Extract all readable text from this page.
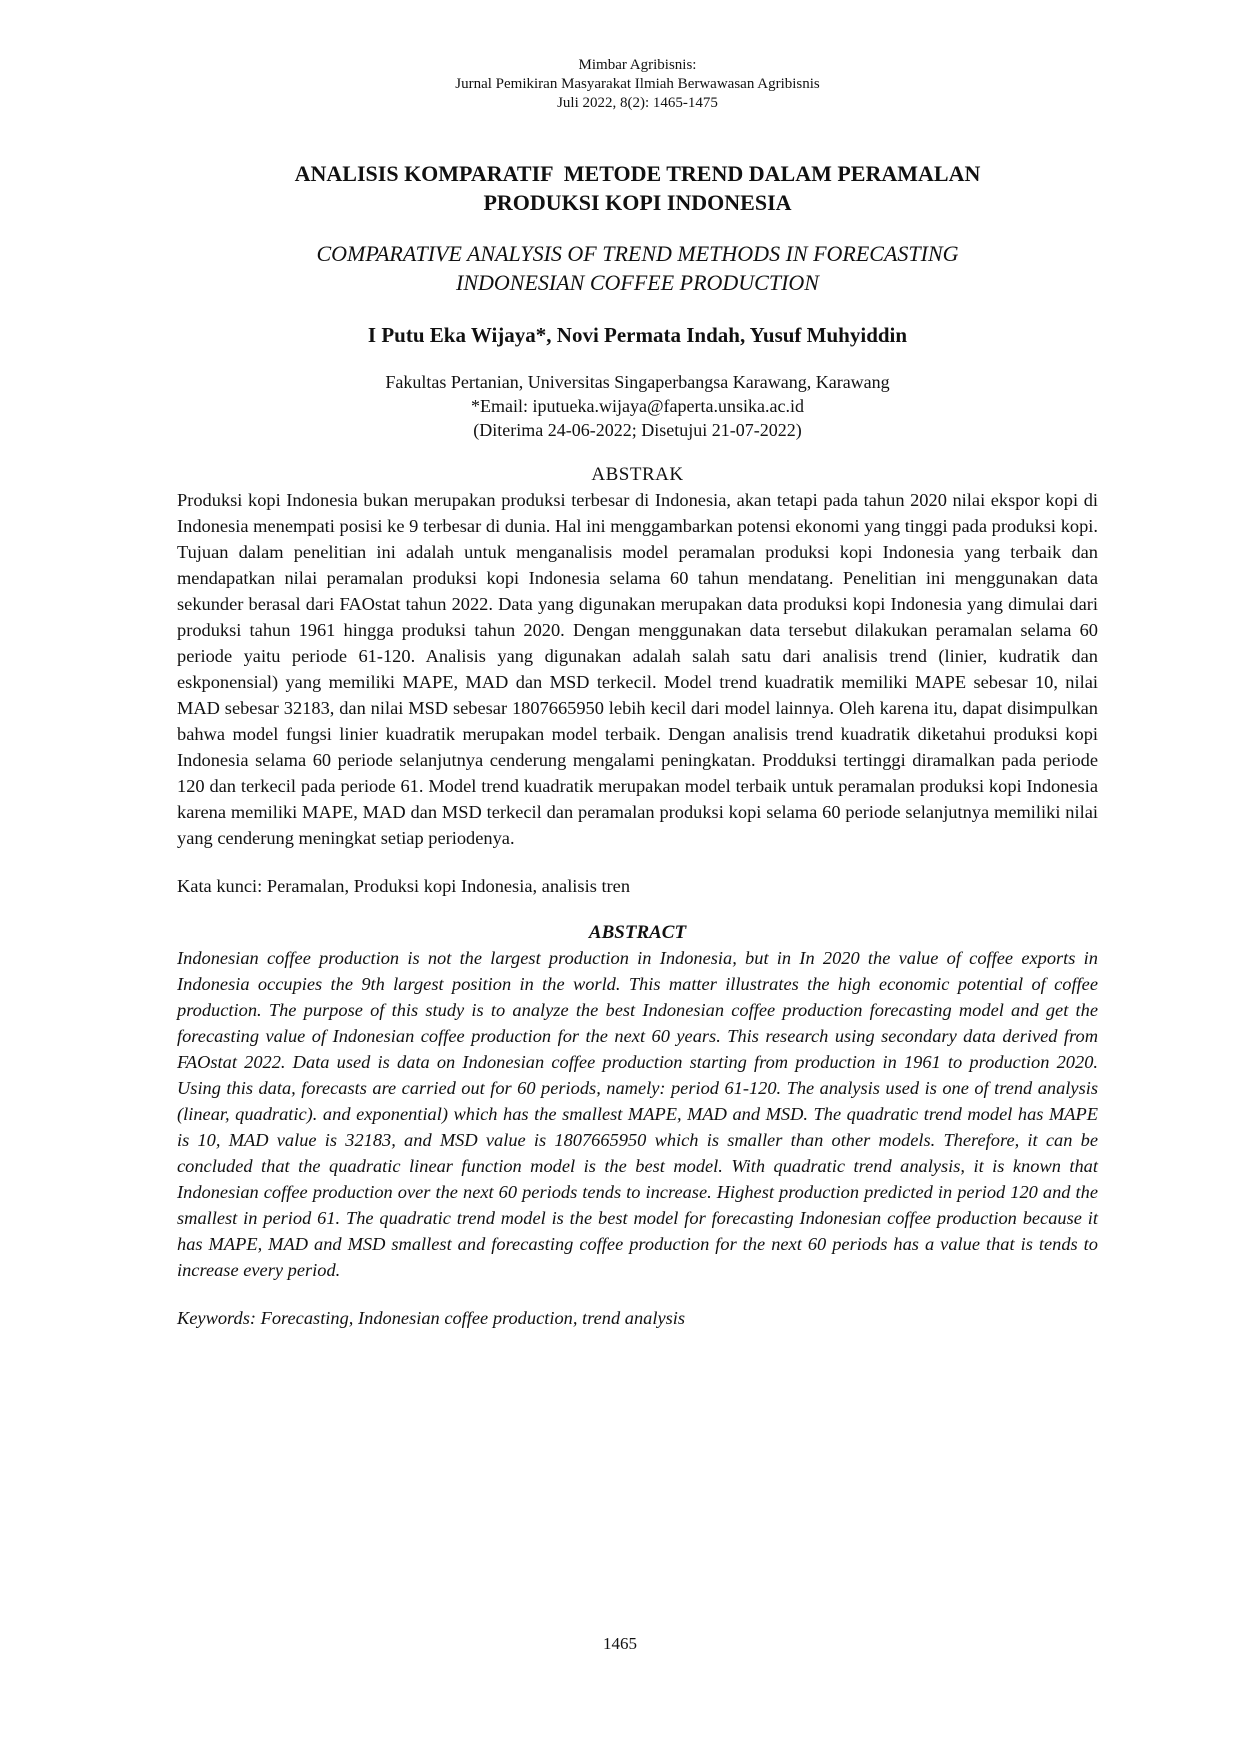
Mimbar Agribisnis:
Jurnal Pemikiran Masyarakat Ilmiah Berwawasan Agribisnis
Juli 2022, 8(2): 1465-1475
ANALISIS KOMPARATIF  METODE TREND DALAM PERAMALAN
PRODUKSI KOPI INDONESIA
COMPARATIVE ANALYSIS OF TREND METHODS IN FORECASTING
INDONESIAN COFFEE PRODUCTION
I Putu Eka Wijaya*, Novi Permata Indah, Yusuf Muhyiddin
Fakultas Pertanian, Universitas Singaperbangsa Karawang, Karawang
*Email: iputueka.wijaya@faperta.unsika.ac.id
(Diterima 24-06-2022; Disetujui 21-07-2022)
ABSTRAK

Produksi kopi Indonesia bukan merupakan produksi terbesar di Indonesia, akan tetapi pada tahun 2020 nilai ekspor kopi di Indonesia menempati posisi ke 9 terbesar di dunia. Hal ini menggambarkan potensi ekonomi yang tinggi pada produksi kopi. Tujuan dalam penelitian ini adalah untuk menganalisis model peramalan produksi kopi Indonesia yang terbaik dan mendapatkan nilai peramalan produksi kopi Indonesia selama 60 tahun mendatang. Penelitian ini menggunakan data sekunder berasal dari FAOstat tahun 2022. Data yang digunakan merupakan data produksi kopi Indonesia yang dimulai dari produksi tahun 1961 hingga produksi tahun 2020. Dengan menggunakan data tersebut dilakukan peramalan selama 60 periode yaitu periode 61-120. Analisis yang digunakan adalah salah satu dari analisis trend (linier, kudratik dan eskponensial) yang memiliki MAPE, MAD dan MSD terkecil. Model trend kuadratik memiliki MAPE sebesar 10, nilai MAD sebesar 32183, dan nilai MSD sebesar 1807665950 lebih kecil dari model lainnya. Oleh karena itu, dapat disimpulkan bahwa model fungsi linier kuadratik merupakan model terbaik. Dengan analisis trend kuadratik diketahui produksi kopi Indonesia selama 60 periode selanjutnya cenderung mengalami peningkatan. Prodduksi tertinggi diramalkan pada periode 120 dan terkecil pada periode 61. Model trend kuadratik merupakan model terbaik untuk peramalan produksi kopi Indonesia karena memiliki MAPE, MAD dan MSD terkecil dan peramalan produksi kopi selama 60 periode selanjutnya memiliki nilai yang cenderung meningkat setiap periodenya.

Kata kunci: Peramalan, Produksi kopi Indonesia, analisis tren
ABSTRACT

Indonesian coffee production is not the largest production in Indonesia, but in In 2020 the value of coffee exports in Indonesia occupies the 9th largest position in the world. This matter illustrates the high economic potential of coffee production. The purpose of this study is to analyze the best Indonesian coffee production forecasting model and get the forecasting value of Indonesian coffee production for the next 60 years. This research using secondary data derived from FAOstat 2022. Data used is data on Indonesian coffee production starting from production in 1961 to production 2020. Using this data, forecasts are carried out for 60 periods, namely: period 61-120. The analysis used is one of trend analysis (linear, quadratic). and exponential) which has the smallest MAPE, MAD and MSD. The quadratic trend model has MAPE is 10, MAD value is 32183, and MSD value is 1807665950 which is smaller than other models. Therefore, it can be concluded that the quadratic linear function model is the best model. With quadratic trend analysis, it is known that Indonesian coffee production over the next 60 periods tends to increase. Highest production predicted in period 120 and the smallest in period 61. The quadratic trend model is the best model for forecasting Indonesian coffee production because it has MAPE, MAD and MSD smallest and forecasting coffee production for the next 60 periods has a value that is tends to increase every period.

Keywords: Forecasting, Indonesian coffee production, trend analysis
1465
